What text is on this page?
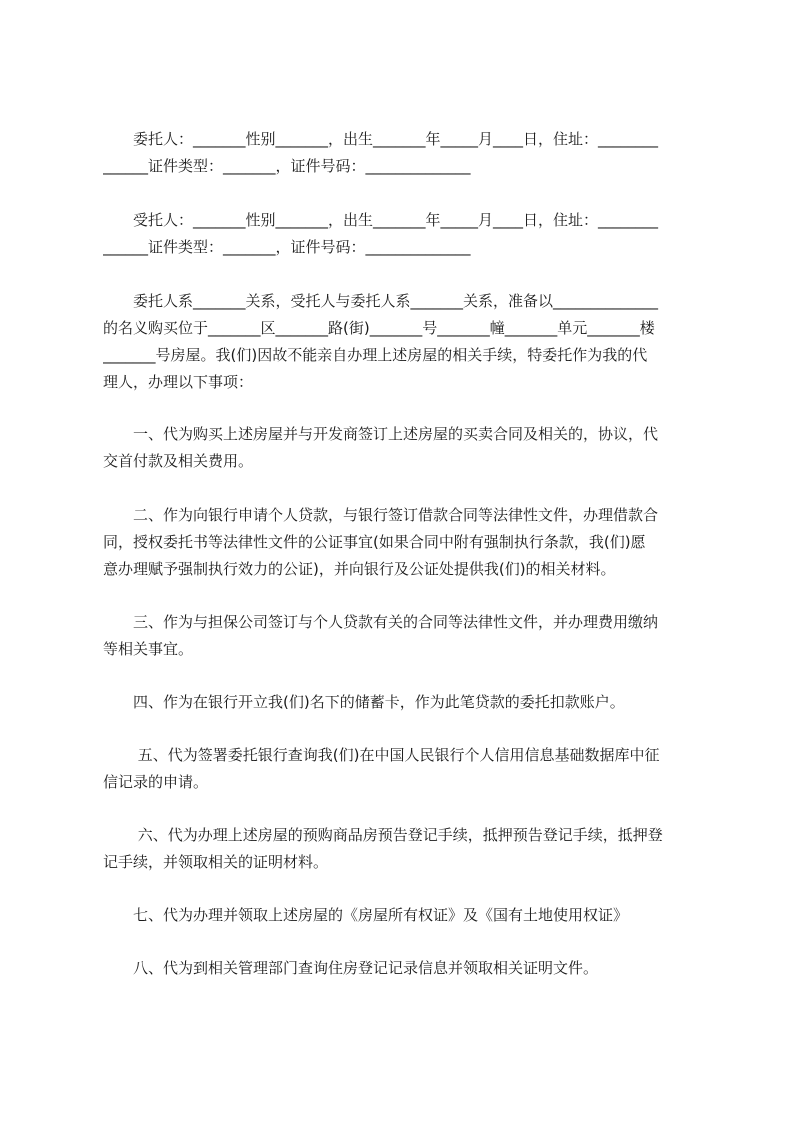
　　委托人：_______性别_______，出生_______年_____月____日，住址：________
______证件类型：_______，证件号码：______________

　　受托人：_______性别_______，出生_______年_____月____日，住址：________
______证件类型：_______，证件号码：______________

　　委托人系_______关系，受托人与委托人系_______关系，准备以______________
的名义购买位于_______区_______路(街)_______号_______幢_______单元_______楼
_______号房屋。我(们)因故不能亲自办理上述房屋的相关手续，特委托作为我的代
理人，办理以下事项：

　　一、代为购买上述房屋并与开发商签订上述房屋的买卖合同及相关的，协议，代
交首付款及相关费用。

　　二、作为向银行申请个人贷款，与银行签订借款合同等法律性文件，办理借款合
同，授权委托书等法律性文件的公证事宜(如果合同中附有强制执行条款，我(们)愿
意办理赋予强制执行效力的公证)，并向银行及公证处提供我(们)的相关材料。

　　三、作为与担保公司签订与个人贷款有关的合同等法律性文件，并办理费用缴纳
等相关事宜。

　　四、作为在银行开立我(们)名下的储蓄卡，作为此笔贷款的委托扣款账户。

　　 五、代为签署委托银行查询我(们)在中国人民银行个人信用信息基础数据库中征
信记录的申请。

　　 六、代为办理上述房屋的预购商品房预告登记手续，抵押预告登记手续，抵押登
记手续，并领取相关的证明材料。

　　七、代为办理并领取上述房屋的《房屋所有权证》及《国有土地使用权证》

　　八、代为到相关管理部门查询住房登记记录信息并领取相关证明文件。
